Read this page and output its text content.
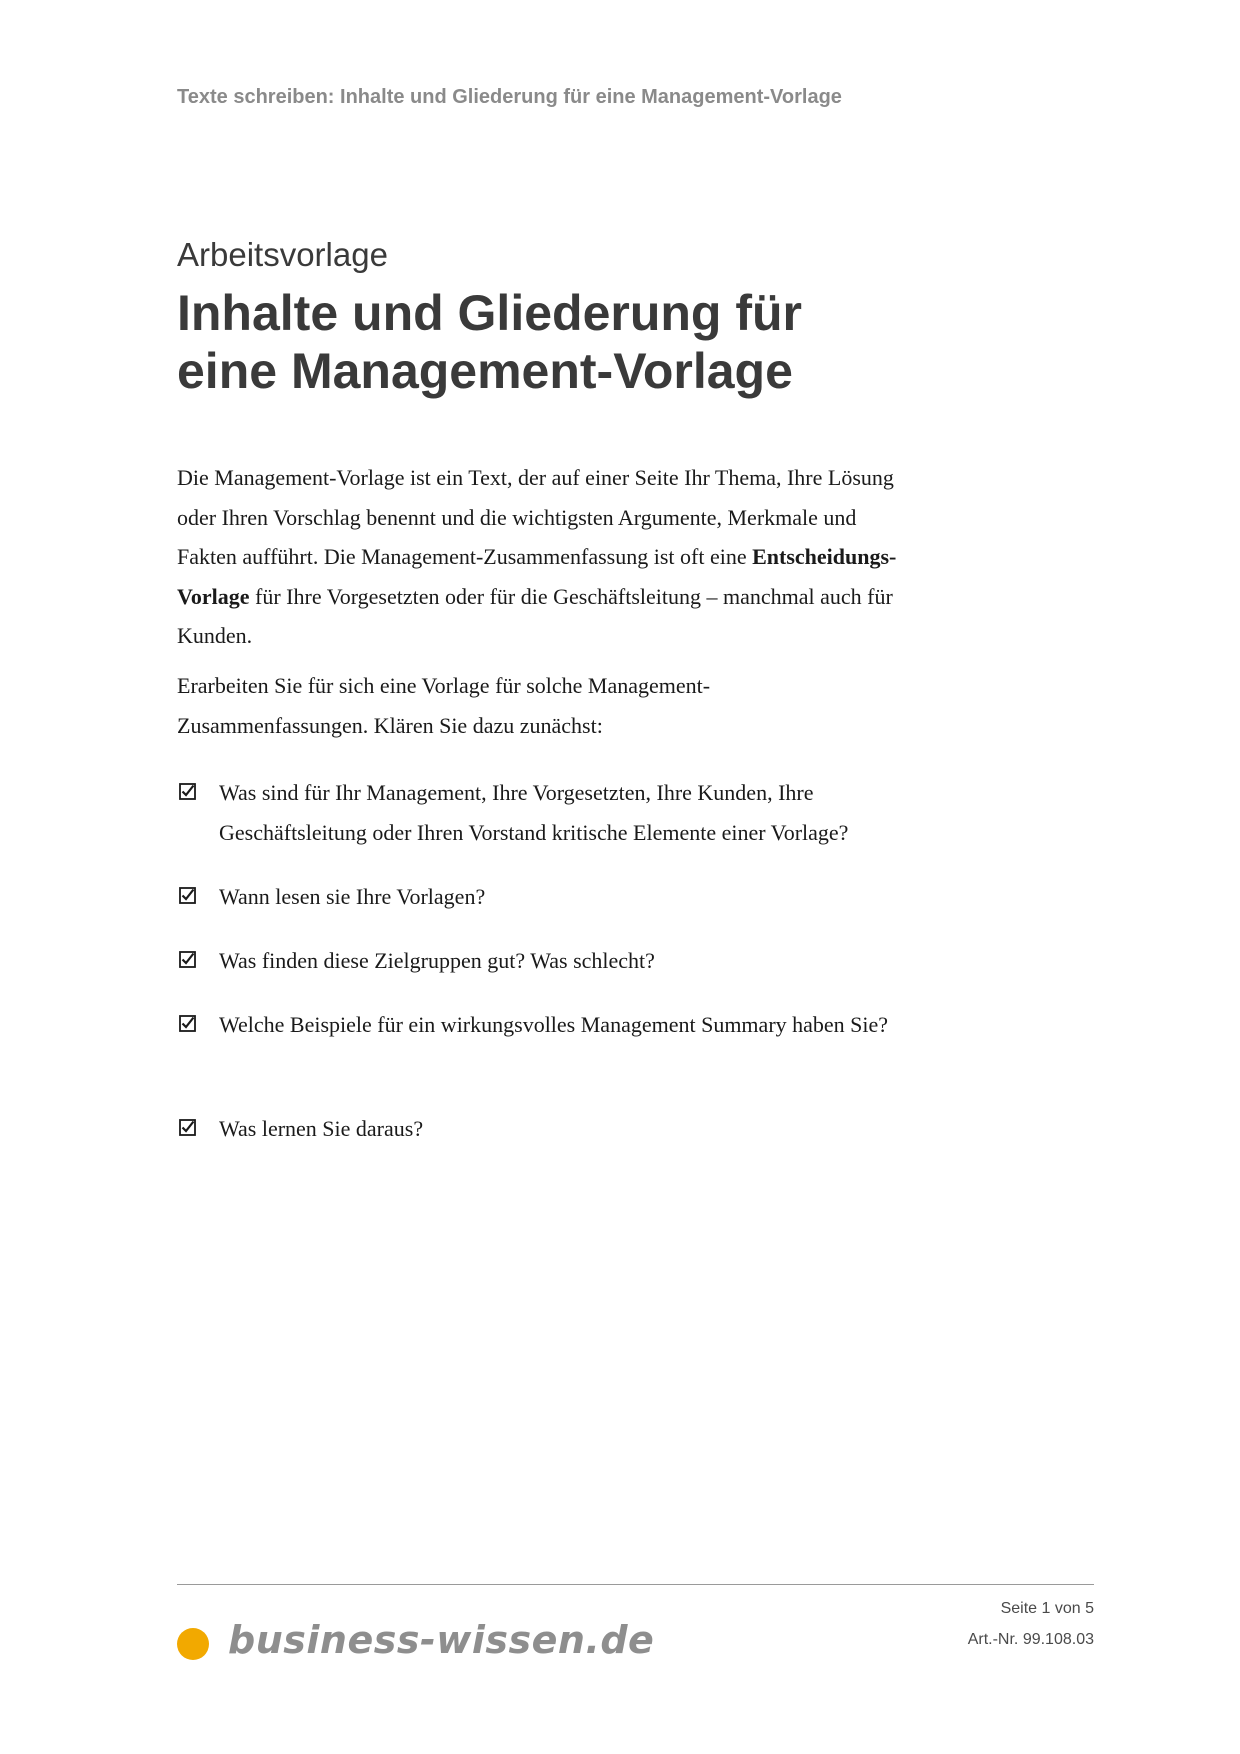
Texte schreiben: Inhalte und Gliederung für eine Management-Vorlage
Arbeitsvorlage
Inhalte und Gliederung für
eine Management-Vorlage

Die Management-Vorlage ist ein Text, der auf einer Seite Ihr Thema, Ihre Lösung oder Ihren Vorschlag benennt und die wichtigsten Argumente, Merkmale und Fakten aufführt. Die Management-Zusammenfassung ist oft eine Entscheidungs-Vorlage für Ihre Vorgesetzten oder für die Geschäftsleitung – manchmal auch für Kunden.

Erarbeiten Sie für sich eine Vorlage für solche Management-Zusammenfassungen. Klären Sie dazu zunächst:

Was sind für Ihr Management, Ihre Vorgesetzten, Ihre Kunden, Ihre Geschäftsleitung oder Ihren Vorstand kritische Elemente einer Vorlage?
Wann lesen sie Ihre Vorlagen?
Was finden diese Zielgruppen gut? Was schlecht?
Welche Beispiele für ein wirkungsvolles Management Summary haben Sie?
Was lernen Sie daraus?
business-wissen.de
Seite 1 von 5
Art.-Nr. 99.108.03
